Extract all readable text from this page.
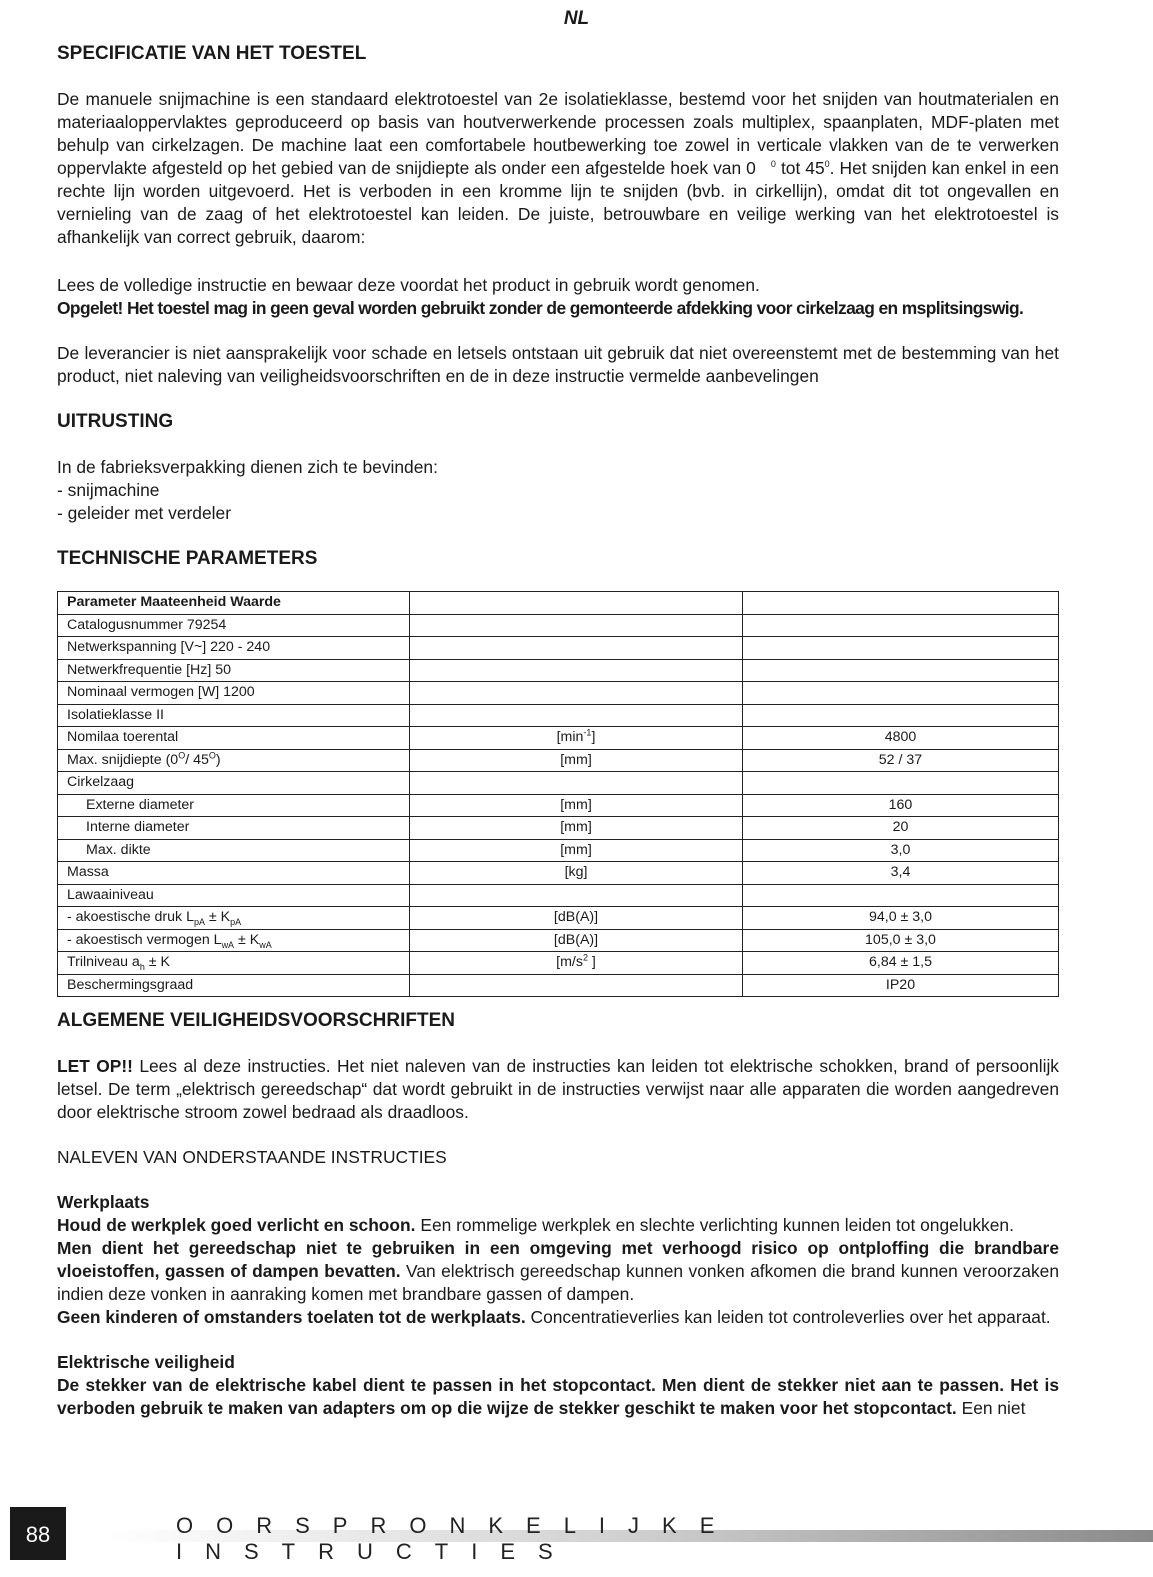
NL
SPECIFICATIE VAN HET TOESTEL

De manuele snijmachine is een standaard elektrotoestel van 2e isolatieklasse, bestemd voor het snijden van houtmaterialen en materiaaloppervlaktes geproduceerd op basis van houtverwerkende processen zoals multiplex, spaanplaten, MDF-platen met behulp van cirkelzagen. De machine laat een comfortabele houtbewerking toe zowel in verticale vlakken van de te verwerken oppervlakte afgesteld op het gebied van de snijdiepte als onder een afgestelde hoek van 0 $^0$ tot $45^0$. Het snijden kan enkel in een rechte lijn worden uitgevoerd. Het is verboden in een kromme lijn te snijden (bvb. in cirkellijn), omdat dit tot ongevallen en vernieling van de zaag of het elektrotoestel kan leiden. De juiste, betrouwbare en veilige werking van het elektrotoestel is afhankelijk van correct gebruik, daarom:

Lees de volledige instructie en bewaar deze voordat het product in gebruik wordt genomen.

Opgelet! Het toestel mag in geen geval worden gebruikt zonder de gemonteerde afdekking voor cirkelzaag en msplitsingswig.

De leverancier is niet aansprakelijk voor schade en letsels ontstaan uit gebruik dat niet overeenstemt met de bestemming van het product, niet naleving van veiligheidsvoorschriften en de in deze instructie vermelde aanbevelingen

UITRUSTING

In de fabrieksverpakking dienen zich te bevinden:

- snijmachine

- geleider met verdeler

TECHNISCHE PARAMETERS
Parameter Maateenheid Waarde		
Catalogusnummer 79254		
Netwerkspanning [V~] 220 - 240		
Netwerkfrequentie [Hz] 50		
Nominaal vermogen [W] 1200		
Isolatieklasse II		
Nomilaa toerental	$[\min^{-1}]$	4800
Max. snijdiepte ($0^O/$ $45^O$)	[mm]	52 / 37
Cirkelzaag		
Externe diameter	[mm]	160
Interne diameter	[mm]	20
Max. dikte	[mm]	3,0
Massa	[kg]	3,4
Lawaainiveau		
- akoestische druk $L_{pA} \pm K_{pA}$	[dB(A)]	94,0 ± 3,0
- akoestisch vermogen $L_{wA} \pm K_{wA}$	[dB(A)]	105,0 ± 3,0
Trilniveau $a_h \pm K$	[$m/s^2$ ]	6,84 ± 1,5
Beschermingsgraad		IP20
ALGEMENE VEILIGHEIDSVOORSCHRIFTEN

LET OP!! Lees al deze instructies. Het niet naleven van de instructies kan leiden tot elektrische schokken, brand of persoonlijk letsel. De term „elektrisch gereedschap“ dat wordt gebruikt in de instructies verwijst naar alle apparaten die worden aangedreven door elektrische stroom zowel bedraad als draadloos.

NALEVEN VAN ONDERSTAANDE INSTRUCTIES

Werkplaats

Houd de werkplek goed verlicht en schoon. Een rommelige werkplek en slechte verlichting kunnen leiden tot ongelukken.

Men dient het gereedschap niet te gebruiken in een omgeving met verhoogd risico op ontploffing die brandbare vloeistoffen, gassen of dampen bevatten. Van elektrisch gereedschap kunnen vonken afkomen die brand kunnen veroorzaken indien deze vonken in aanraking komen met brandbare gassen of dampen.

Geen kinderen of omstanders toelaten tot de werkplaats. Concentratieverlies kan leiden tot controleverlies over het apparaat.

Elektrische veiligheid

De stekker van de elektrische kabel dient te passen in het stopcontact. Men dient de stekker niet aan te passen. Het is verboden gebruik te maken van adapters om op die wijze de stekker geschikt te maken voor het stopcontact. Een niet

88	OORSPRONKELIJKE INSTRUCTIES
